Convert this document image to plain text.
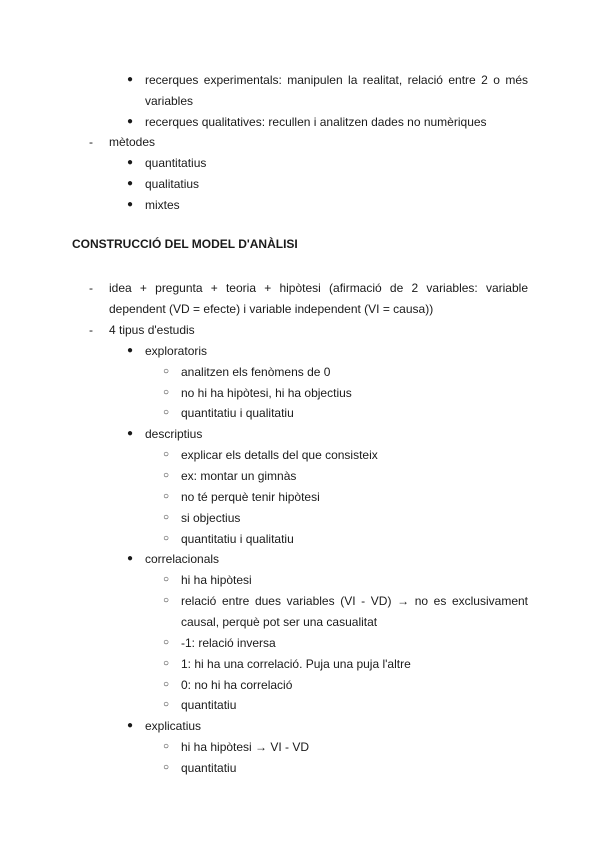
● recerques experimentals: manipulen la realitat, relació entre 2 o més
variables
● recerques qualitatives: recullen i analitzen dades no numèriques
- mètodes
● quantitatius
● qualitatius
● mixtes
CONSTRUCCIÓ DEL MODEL D'ANÀLISI
- idea + pregunta + teoria + hipòtesi (afirmació de 2 variables: variable
dependent (VD = efecte) i variable independent (VI = causa))
- 4 tipus d'estudis
● exploratoris
○ analitzen els fenòmens de 0
○ no hi ha hipòtesi, hi ha objectius
○ quantitatiu i qualitatiu
● descriptius
○ explicar els detalls del que consisteix
○ ex: montar un gimnàs
○ no té perquè tenir hipòtesi
○ si objectius
○ quantitatiu i qualitatiu
● correlacionals
○ hi ha hipòtesi
○ relació entre dues variables (VI - VD) → no es exclusivament
causal, perquè pot ser una casualitat
○ -1: relació inversa
○ 1: hi ha una correlació. Puja una puja l'altre
○ 0: no hi ha correlació
○ quantitatiu
● explicatius
○ hi ha hipòtesi → VI - VD
○ quantitatiu
